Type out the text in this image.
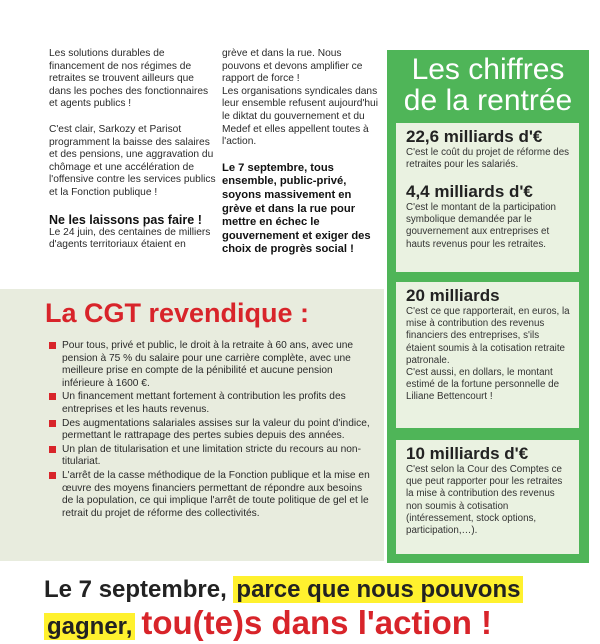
Les solutions durables de financement de nos régimes de retraites se trouvent ailleurs que dans les poches des fonctionnaires et agents publics !

C'est clair, Sarkozy et Parisot programment la baisse des salaires et des pensions, une aggravation du chômage et une accélération de l'offensive contre les services publics et la Fonction publique !

Ne les laissons pas faire !

Le 24 juin, des centaines de milliers d'agents territoriaux étaient en

grève et dans la rue. Nous pouvons et devons amplifier ce rapport de force !

Les organisations syndicales dans leur ensemble refusent aujourd'hui le diktat du gouvernement et du Medef et elles appellent toutes à l'action.

Le 7 septembre, tous ensemble, public-privé, soyons massivement en grève et dans la rue pour mettre en échec le gouvernement et exiger des choix de progrès social !

Les chiffres
de la rentrée
22,6 milliards d'€

C'est le coût du projet de réforme des retraites pour les salariés.

4,4 milliards d'€

C'est le montant de la participation symbolique demandée par le gouvernement aux entreprises et hauts revenus pour les retraites.

20 milliards

C'est ce que rapporterait, en euros, la mise à contribution des revenus financiers des entreprises, s'ils étaient soumis à la cotisation retraite patronale.

C'est aussi, en dollars, le montant estimé de la fortune personnelle de Liliane Bettencourt !

10 milliards d'€

C'est selon la Cour des Comptes ce que peut rapporter pour les retraites la mise à contribution des revenus non soumis à cotisation (intéressement, stock options, participation,…).

La CGT revendique :
Pour tous, privé et public, le droit à la retraite à 60 ans, avec une pension à 75 % du salaire pour une carrière complète, avec une meilleure prise en compte de la pénibilité et aucune pension inférieure à 1600 €.
Un financement mettant fortement à contribution les profits des entreprises et les hauts revenus.
Des augmentations salariales assises sur la valeur du point d'indice, permettant le rattrapage des pertes subies depuis des années.
Un plan de titularisation et une limitation stricte du recours au non-titulariat.
L'arrêt de la casse méthodique de la Fonction publique et la mise en œuvre des moyens financiers permettant de répondre aux besoins de la population, ce qui implique l'arrêt de toute politique de gel et le retrait du projet de réforme des collectivités.
Le 7 septembre, parce que nous pouvons
gagner, tou(te)s dans l'action !
